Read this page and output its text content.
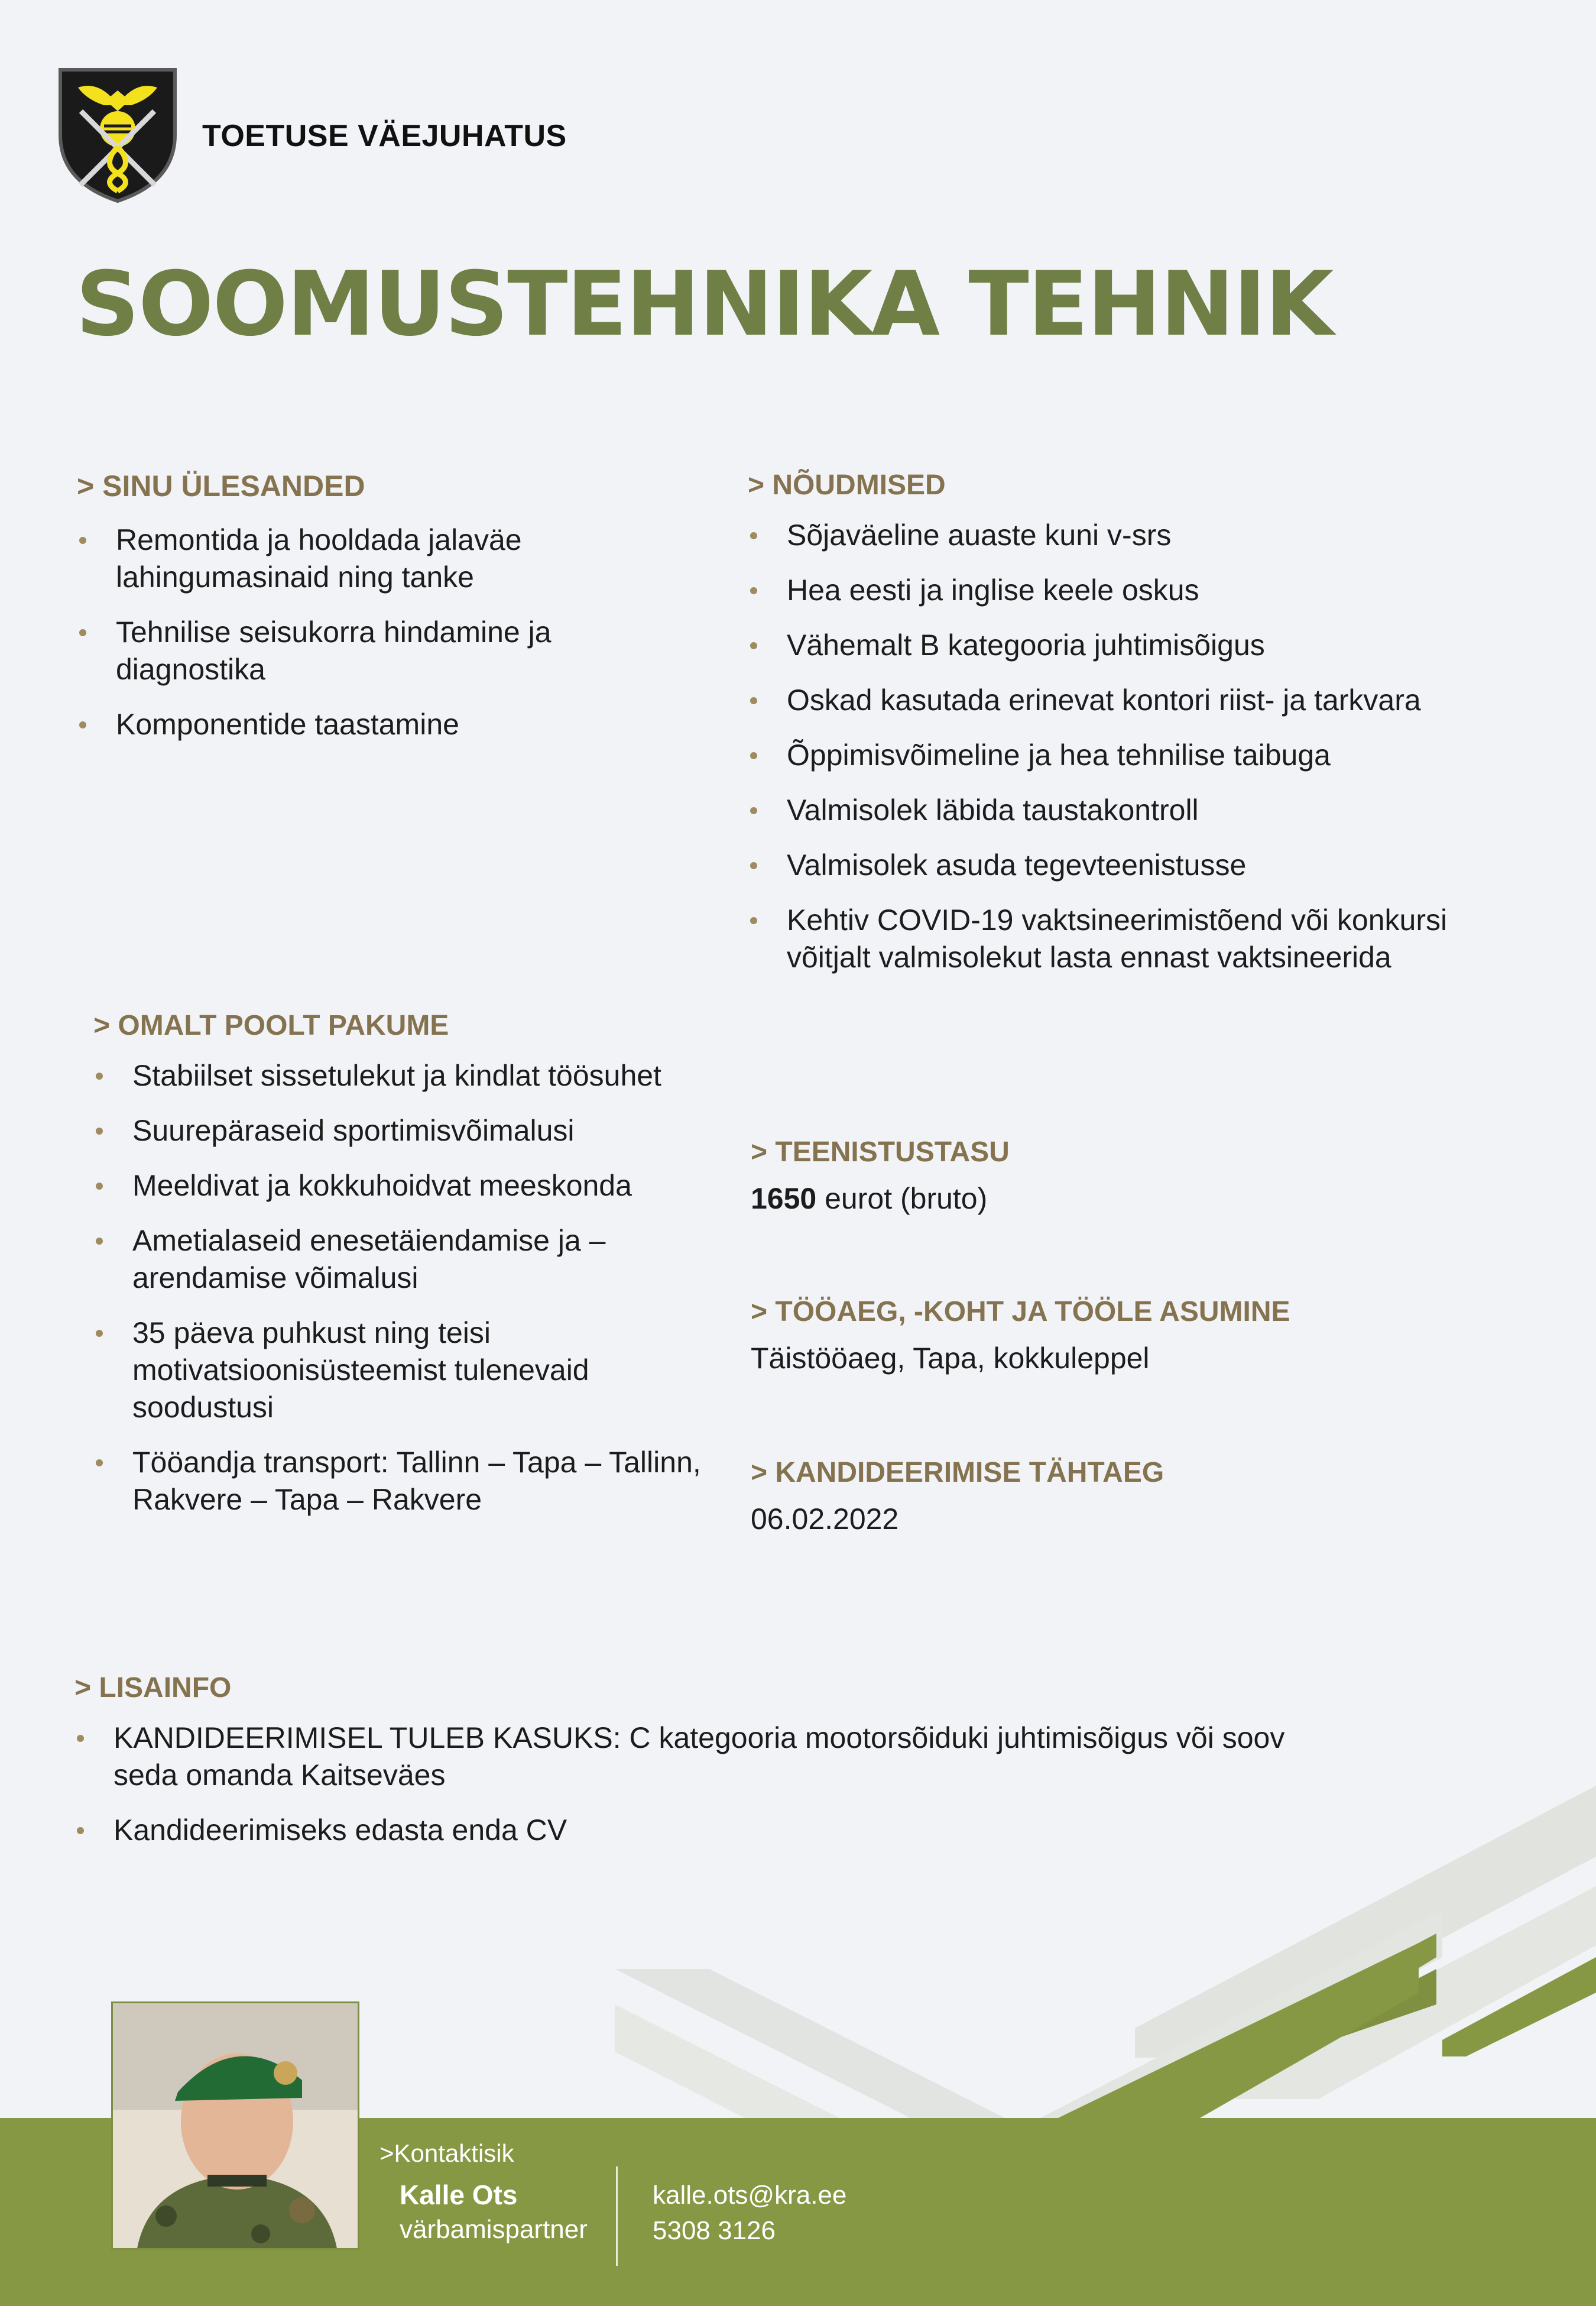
TOETUSE VÄEJUHATUS
SOOMUSTEHNIKA TEHNIK
> SINU ÜLESANDED
Remontida ja hooldada jalaväe lahingumasinaid ning tanke
Tehnilise seisukorra hindamine ja diagnostika
Komponentide taastamine
> NÕUDMISED
Sõjaväeline auaste kuni v-srs
Hea eesti ja inglise keele oskus
Vähemalt B kategooria juhtimisõigus
Oskad kasutada erinevat kontori riist- ja tarkvara
Õppimisvõimeline ja hea tehnilise taibuga
Valmisolek läbida taustakontroll
Valmisolek asuda tegevteenistusse
Kehtiv COVID-19 vaktsineerimistõend või konkursi võitjalt valmisolekut lasta ennast vaktsineerida
> OMALT POOLT PAKUME
Stabiilset sissetulekut ja kindlat töösuhet
Suurepäraseid sportimisvõimalusi
Meeldivat ja kokkuhoidvat meeskonda
Ametialaseid enesetäiendamise ja –arendamise võimalusi
35 päeva puhkust ning teisi motivatsioonisüsteemist tulenevaid soodustusi
Tööandja transport: Tallinn – Tapa – Tallinn, Rakvere – Tapa – Rakvere
> TEENISTUSTASU
1650 eurot (bruto)
> TÖÖAEG, -KOHT JA TÖÖLE ASUMINE
Täistööaeg, Tapa, kokkuleppel
> KANDIDEERIMISE TÄHTAEG
06.02.2022
> LISAINFO
KANDIDEERIMISEL TULEB KASUKS: C kategooria mootorsõiduki juhtimisõigus või soov seda omanda Kaitseväes
Kandideerimiseks edasta enda CV
>Kontaktisik
Kalle Ots
värbamispartner
kalle.ots@kra.ee
5308 3126
